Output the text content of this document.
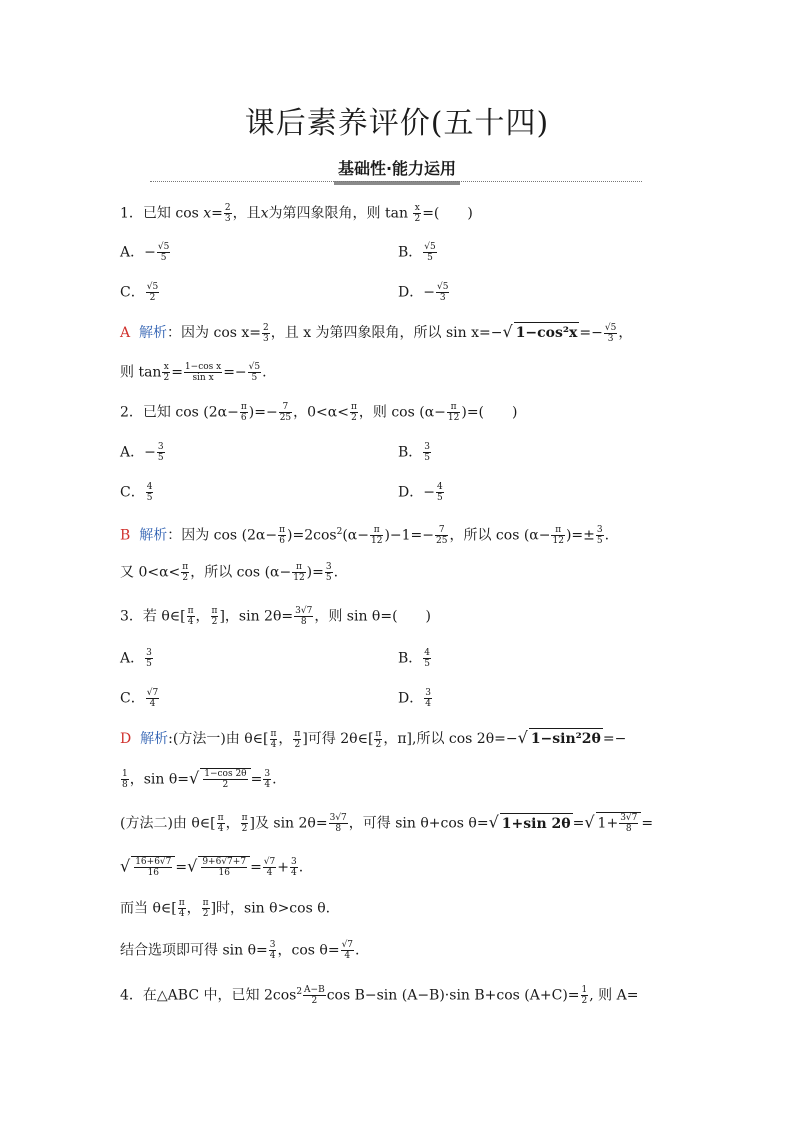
课后素养评价(五十四)
基础性·能力运用
1．已知 $\cos x= \frac{2}{3}$ ，且x为第四象限角，则 $\tan \frac{x}{2}$ =(　　)
A．− $\frac{√5}{5}$	B． $\frac{√5}{5}$
C． $\frac{√5}{2}$	D．− $\frac{√5}{3}$
A 解析：因为 $\cos x= \frac{2}{3}$ ，且 x 为第四象限角，所以 sin x=−√ $1-\cos^2x =- \frac{√5}{3}$ ，
则 $\tan \frac{x}{2} = \frac{\text{1−cos x}}{\text{sin x}} =- \frac{√5}{5}$ .
2．已知 $\cos (2\alpha- \frac{\pi}{6}$ )=− $\frac{7}{25}$ ，$0<\alpha< \frac{\pi}{2}$ ，则 $\cos (\alpha- \frac{\pi}{12}$ )=(　　)
A．− $\frac{3}{5}$	B． $\frac{3}{5}$
C． $\frac{4}{5}$	D．− $\frac{4}{5}$
B 解析：因为 $\cos (2\alpha- \frac{\pi}{6} )=2\cos^2(\alpha- \frac{\pi}{12} )-1=- \frac{7}{25}$ ，所以 $\cos (\alpha- \frac{\pi}{12}$ )=± $\frac{3}{5}$ .
又 $0<\alpha< \frac{\pi}{2}$ ，所以 $\cos (\alpha- \frac{\pi}{12}$ )= $\frac{3}{5}$ .
3．若 θ∈[ $\frac{\pi}{4}$ ， $\frac{\pi}{2}$ ]，$\sin 2\theta= \frac{3√7}{8}$ ，则 sin θ=(　　)
A． $\frac{3}{5}$	B． $\frac{4}{5}$
C． $\frac{√7}{4}$	D． $\frac{3}{4}$
D 解析:(方法一)由 θ∈[ $\frac{\pi}{4}$ ， $\frac{\pi}{2}$ ]可得 2θ∈[ $\frac{\pi}{2}$ ，π],所以 cos 2θ=−√ 1−sin²2θ =−
$\frac{1}{8}$ ，$\sin \theta=√ \frac{1-\cos 2\theta}{2} = \frac{3}{4}$ .
(方法二)由 θ∈[ $\frac{\pi}{4}$ ， $\frac{\pi}{2}$ ]及 $\sin 2\theta= \frac{3√7}{8}$ ，可得 sin θ+cos θ=√ 1+sin 2θ =√ $1+ \frac{3√7}{8}$ =
√ $\frac{16+6√7}{16}$ =√ $\frac{9+6√7+7}{16} = \frac{√7}{4} + \frac{3}{4}$ .
而当 θ∈[ $\frac{\pi}{4}$ ， $\frac{\pi}{2}$ ]时，sin θ>cos θ.
结合选项即可得 $\sin \theta= \frac{3}{4}$ ，$\cos \theta= \frac{√7}{4}$ .
4．在△ABC 中，已知 $2\cos^2 \frac{A-B}{2}$ cos B−sin (A−B)·sin B+cos $(A+C)= \frac{1}{2}$ , 则 A=
